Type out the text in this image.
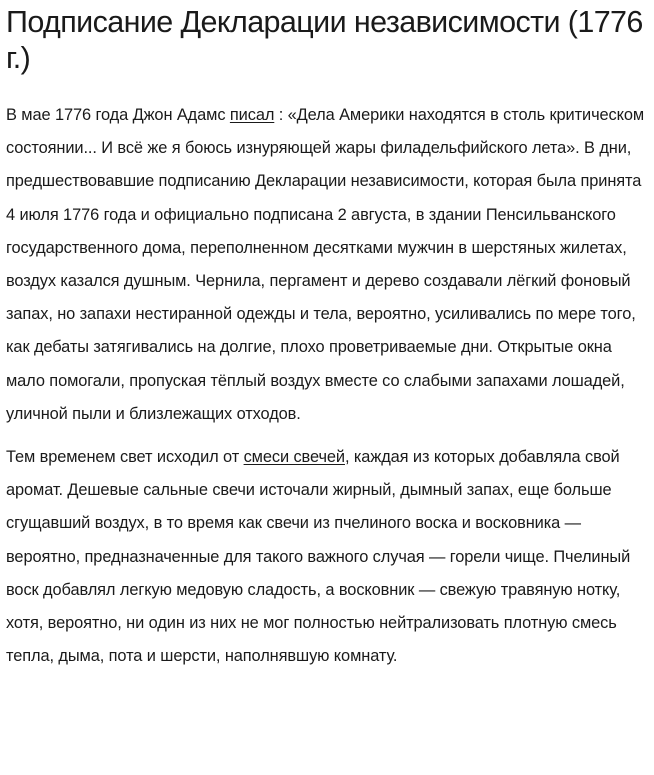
Подписание Декларации независимости (1776 г.)

В мае 1776 года Джон Адамс писал : «Дела Америки находятся в столь критическом состоянии... И всё же я боюсь изнуряющей жары филадельфийского лета». В дни, предшествовавшие подписанию Декларации независимости, которая была принята 4 июля 1776 года и официально подписана 2 августа, в здании Пенсильванского государственного дома, переполненном десятками мужчин в шерстяных жилетах, воздух казался душным. Чернила, пергамент и дерево создавали лёгкий фоновый запах, но запахи нестиранной одежды и тела, вероятно, усиливались по мере того, как дебаты затягивались на долгие, плохо проветриваемые дни. Открытые окна мало помогали, пропуская тёплый воздух вместе со слабыми запахами лошадей, уличной пыли и близлежащих отходов.

Тем временем свет исходил от смеси свечей, каждая из которых добавляла свой аромат. Дешевые сальные свечи источали жирный, дымный запах, еще больше сгущавший воздух, в то время как свечи из пчелиного воска и восковника — вероятно, предназначенные для такого важного случая — горели чище. Пчелиный воск добавлял легкую медовую сладость, а восковник — свежую травяную нотку, хотя, вероятно, ни один из них не мог полностью нейтрализовать плотную смесь тепла, дыма, пота и шерсти, наполнявшую комнату.
